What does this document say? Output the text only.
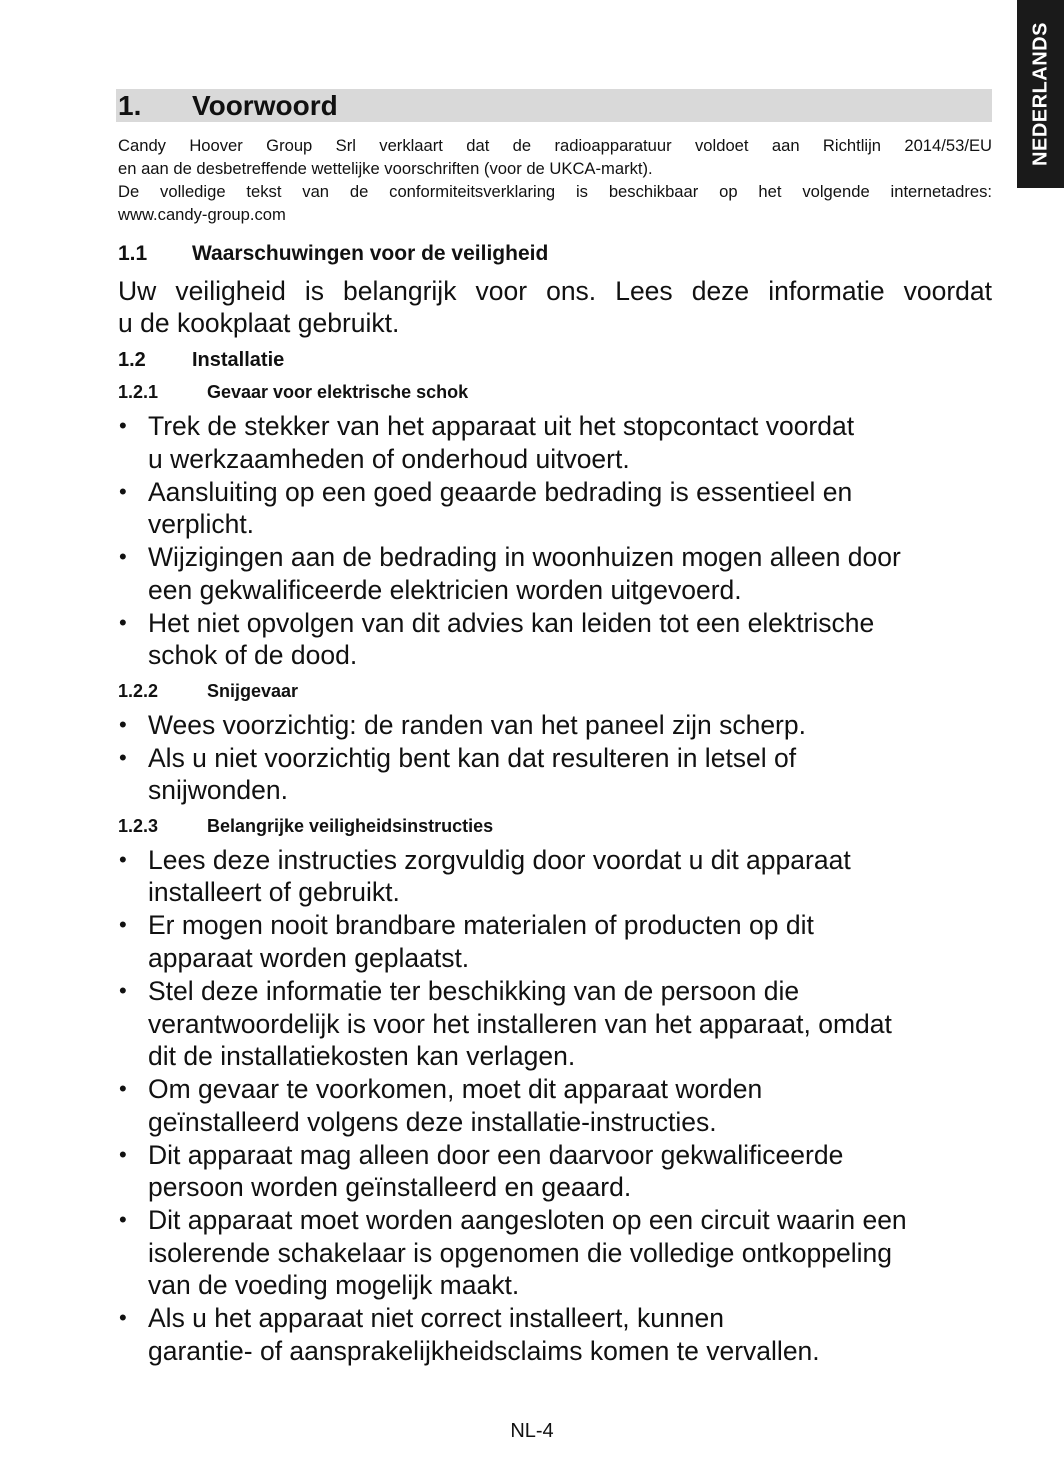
NEDERLANDS
1.	Voorwoord

Candy Hoover Group Srl verklaart dat de radioapparatuur voldoet aan Richtlijn 2014/53/EU

en aan de desbetreffende wettelijke voorschriften (voor de UKCA-markt).

De volledige tekst van de conformiteitsverklaring is beschikbaar op het volgende internetadres:

www.candy-group.com

1.1	Waarschuwingen voor de veiligheid
Uw veiligheid is belangrijk voor ons. Lees deze informatie voordat
u de kookplaat gebruikt.
1.2	Installatie
1.2.1	Gevaar voor elektrische schok
• Trek de stekker van het apparaat uit het stopcontact voordat
u werkzaamheden of onderhoud uitvoert.
• Aansluiting op een goed geaarde bedrading is essentieel en
verplicht.
• Wijzigingen aan de bedrading in woonhuizen mogen alleen door
een gekwalificeerde elektricien worden uitgevoerd.
• Het niet opvolgen van dit advies kan leiden tot een elektrische
schok of de dood.
1.2.2	Snijgevaar
• Wees voorzichtig: de randen van het paneel zijn scherp.
• Als u niet voorzichtig bent kan dat resulteren in letsel of
snijwonden.
1.2.3	Belangrijke veiligheidsinstructies
• Lees deze instructies zorgvuldig door voordat u dit apparaat
installeert of gebruikt.
• Er mogen nooit brandbare materialen of producten op dit
apparaat worden geplaatst.
• Stel deze informatie ter beschikking van de persoon die
verantwoordelijk is voor het installeren van het apparaat, omdat
dit de installatiekosten kan verlagen.
• Om gevaar te voorkomen, moet dit apparaat worden
geïnstalleerd volgens deze installatie-instructies.
• Dit apparaat mag alleen door een daarvoor gekwalificeerde
persoon worden geïnstalleerd en geaard.
• Dit apparaat moet worden aangesloten op een circuit waarin een
isolerende schakelaar is opgenomen die volledige ontkoppeling
van de voeding mogelijk maakt.
• Als u het apparaat niet correct installeert, kunnen
garantie- of aansprakelijkheidsclaims komen te vervallen.
NL-4
